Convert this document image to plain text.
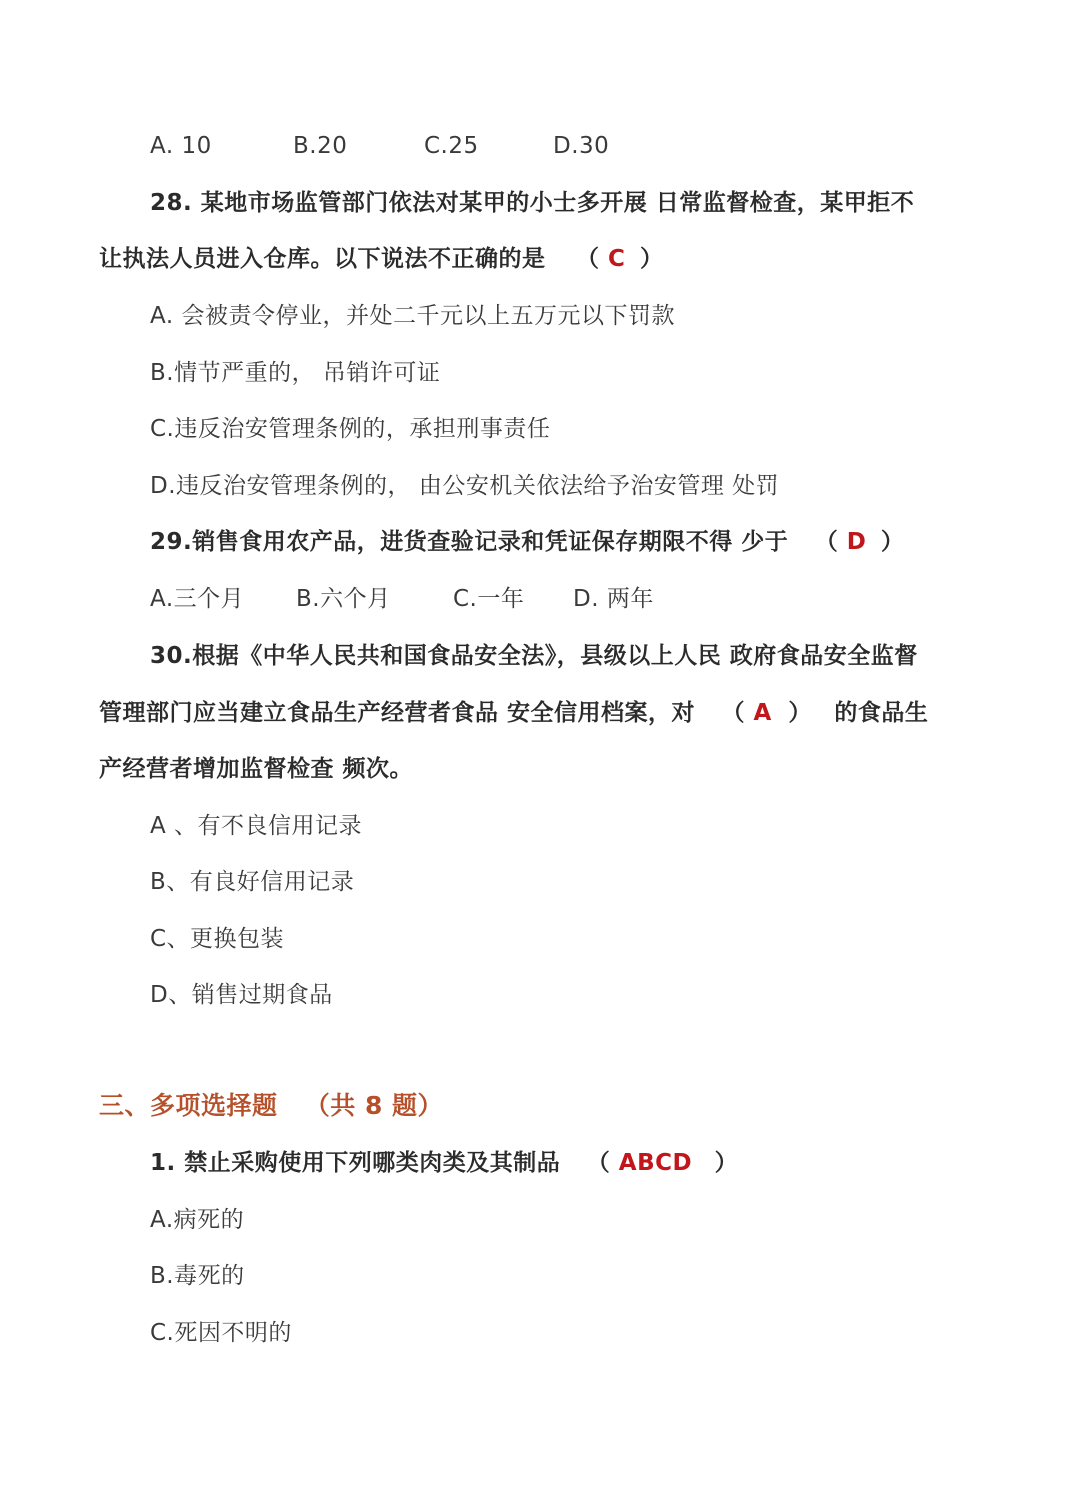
A. 10	B.20	C.25	D.30
28. 某地市场监管部门依法对某甲的小士多开展 日常监督检查，某甲拒不
让执法人员进入仓库。以下说法不正确的是 （ C ）
A. 会被责令停业，并处二千元以上五万元以下罚款
B.情节严重的， 吊销许可证
C.违反治安管理条例的，承担刑事责任
D.违反治安管理条例的， 由公安机关依法给予治安管理 处罚
29.销售食用农产品，进货查验记录和凭证保存期限不得 少于 （ D ）
A.三个月 B.六个月	C.一年 D. 两年
30.根据《中华人民共和国食品安全法》，县级以上人民 政府食品安全监督
管理部门应当建立食品生产经营者食品 安全信用档案，对 （ A ） 的食品生
产经营者增加监督检查 频次。
A 、有不良信用记录
B、有良好信用记录
C、更换包装
D、销售过期食品
三、多项选择题 （共 8 题）
1. 禁止采购使用下列哪类肉类及其制品 （ ABCD ）
A.病死的
B.毒死的
C.死因不明的
